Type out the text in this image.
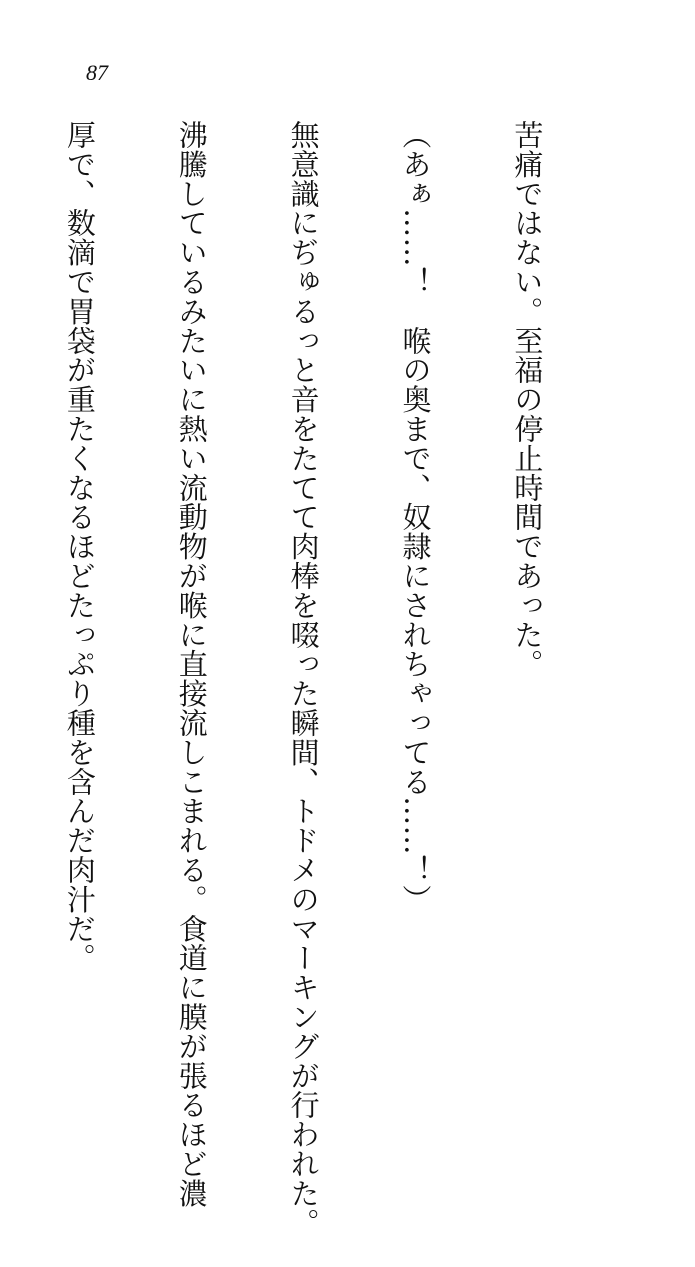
87

苦痛ではない。至福の停止時間であった。

（あぁ……！　喉の奥まで、奴隷にされちゃってる……！）

無意識にぢゅるっと音をたてて肉棒を啜った瞬間、トドメのマーキングが行われた。

沸騰しているみたいに熱い流動物が喉に直接流しこまれる。食道に膜が張るほど濃

厚で、数滴で胃袋が重たくなるほどたっぷり種を含んだ肉汁だ。
